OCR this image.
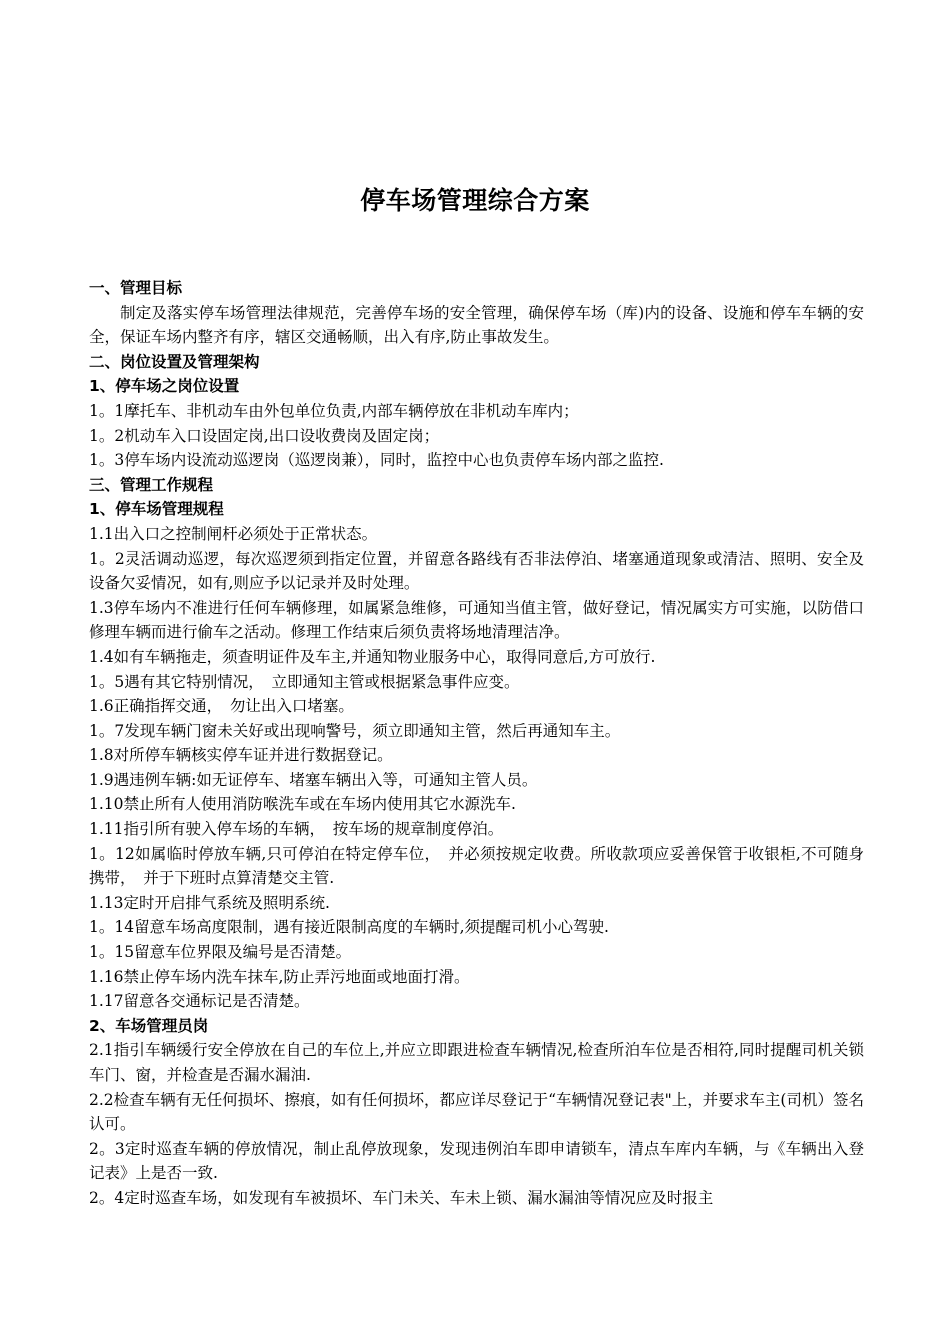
停车场管理综合方案

一、管理目标

制定及落实停车场管理法律规范，完善停车场的安全管理，确保停车场（库)内的设备、设施和停车车辆的安全，保证车场内整齐有序，辖区交通畅顺，出入有序,防止事故发生。

二、岗位设置及管理架构

1、停车场之岗位设置

1。1摩托车、非机动车由外包单位负责,内部车辆停放在非机动车库内；

1。2机动车入口设固定岗,出口设收费岗及固定岗；

1。3停车场内设流动巡逻岗（巡逻岗兼），同时，监控中心也负责停车场内部之监控.

三、管理工作规程

1、停车场管理规程

1.1出入口之控制闸杆必须处于正常状态。

1。2灵活调动巡逻，每次巡逻须到指定位置，并留意各路线有否非法停泊、堵塞通道现象或清洁、照明、安全及设备欠妥情况，如有,则应予以记录并及时处理。

1.3停车场内不准进行任何车辆修理，如属紧急维修，可通知当值主管，做好登记，情况属实方可实施，以防借口修理车辆而进行偷车之活动。修理工作结束后须负责将场地清理洁净。

1.4如有车辆拖走，须查明证件及车主,并通知物业服务中心，取得同意后,方可放行.

1。5遇有其它特别情况，　立即通知主管或根据紧急事件应变。

1.6正确指挥交通，　勿让出入口堵塞。

1。7发现车辆门窗未关好或出现响警号，须立即通知主管，然后再通知车主。

1.8对所停车辆核实停车证并进行数据登记。

1.9遇违例车辆:如无证停车、堵塞车辆出入等，可通知主管人员。

1.10禁止所有人使用消防喉洗车或在车场内使用其它水源洗车.

1.11指引所有驶入停车场的车辆，　按车场的规章制度停泊。

1。12如属临时停放车辆,只可停泊在特定停车位，　并必须按规定收费。所收款项应妥善保管于收银柜,不可随身携带，　并于下班时点算清楚交主管.

1.13定时开启排气系统及照明系统.

1。14留意车场高度限制，遇有接近限制高度的车辆时,须提醒司机小心驾驶.

1。15留意车位界限及编号是否清楚。

1.16禁止停车场内洗车抹车,防止弄污地面或地面打滑。

1.17留意各交通标记是否清楚。

2、车场管理员岗

2.1指引车辆缓行安全停放在自己的车位上,并应立即跟进检查车辆情况,检查所泊车位是否相符,同时提醒司机关锁车门、窗，并检查是否漏水漏油.

2.2检查车辆有无任何损坏、擦痕，如有任何损坏，都应详尽登记于“车辆情况登记表"上，并要求车主(司机）签名认可。

2。3定时巡查车辆的停放情况，制止乱停放现象，发现违例泊车即申请锁车，清点车库内车辆，与《车辆出入登记表》上是否一致.

2。4定时巡查车场，如发现有车被损坏、车门未关、车未上锁、漏水漏油等情况应及时报主
